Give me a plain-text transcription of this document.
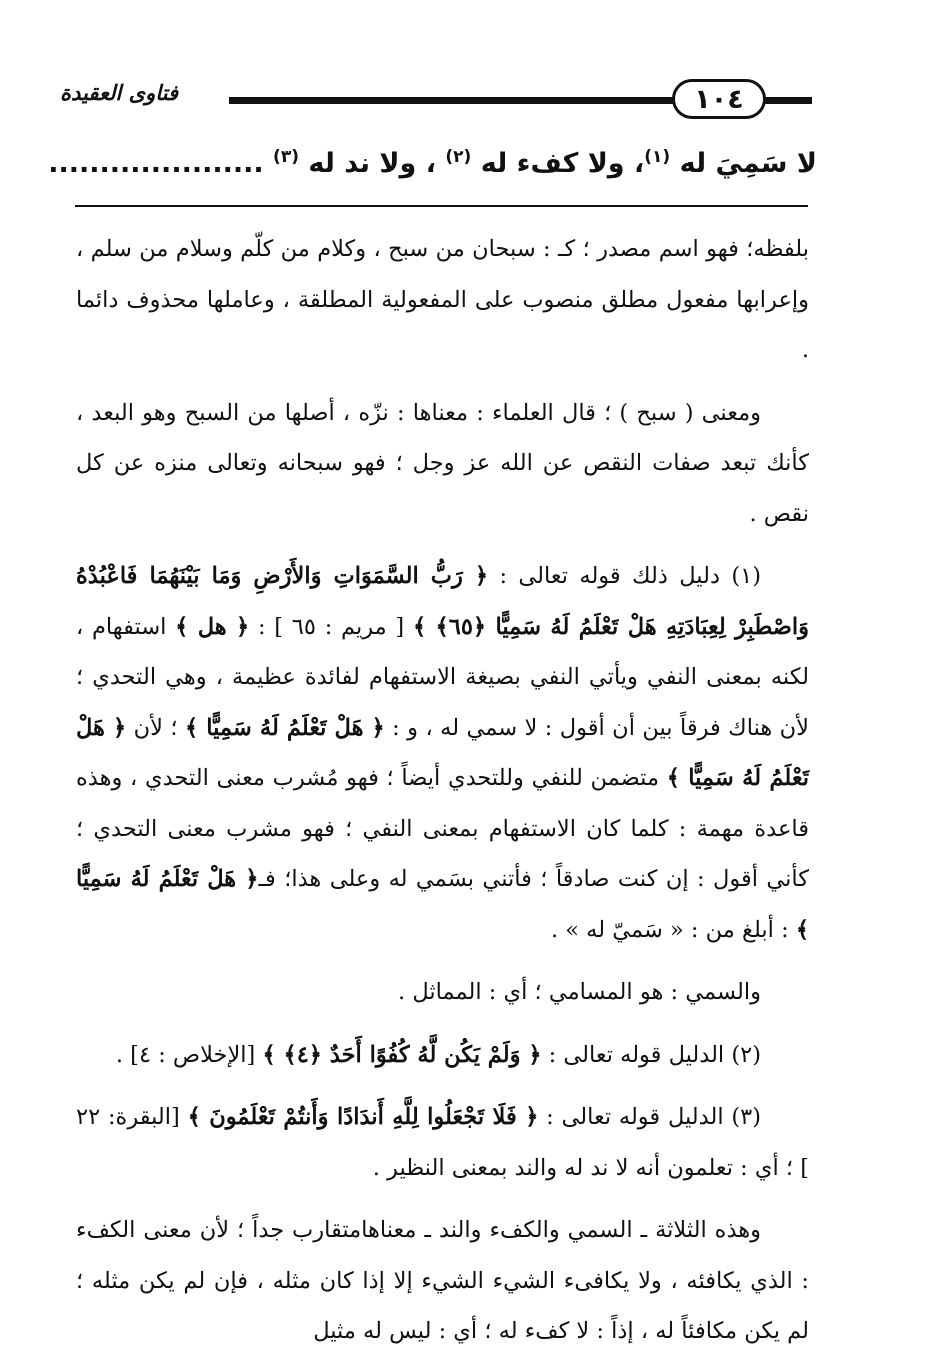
١٠٤
فتاوى العقيدة
لا سَمِيَ له $^{(١)}$، ولا كفء له $^{(٢)}$ ، ولا ند له $^{(٣)}$ .....................

بلفظه؛ فهو اسم مصدر ؛ كـ : سبحان من سبح ، وكلام من كلّم وسلام من سلم ، وإعرابها مفعول مطلق منصوب على المفعولية المطلقة ، وعاملها محذوف دائما .

ومعنى ( سبح ) ؛ قال العلماء : معناها : نزّه ، أصلها من السبح وهو البعد ، كأنك تبعد صفات النقص عن الله عز وجل ؛ فهو سبحانه وتعالى منزه عن كل نقص .

(١) دليل ذلك قوله تعالى : ﴿ رَبُّ السَّمَوَاتِ وَالأَرْضِ وَمَا بَيْنَهُمَا فَاعْبُدْهُ وَاصْطَبِرْ لِعِبَادَتِهِ هَلْ تَعْلَمُ لَهُ سَمِيًّا ﴿٦٥﴾ ﴾ [ مريم : ٦٥ ] : ﴿ هل ﴾ استفهام ، لكنه بمعنى النفي ويأتي النفي بصيغة الاستفهام لفائدة عظيمة ، وهي التحدي ؛ لأن هناك فرقاً بين أن أقول : لا سمي له ، و : ﴿ هَلْ تَعْلَمُ لَهُ سَمِيًّا ﴾ ؛ لأن ﴿ هَلْ تَعْلَمُ لَهُ سَمِيًّا ﴾ متضمن للنفي وللتحدي أيضاً ؛ فهو مُشرب معنى التحدي ، وهذه قاعدة مهمة : كلما كان الاستفهام بمعنى النفي ؛ فهو مشرب معنى التحدي ؛ كأني أقول : إن كنت صادقاً ؛ فأتني بسَمي له وعلى هذا؛ فـ﴿ هَلْ تَعْلَمُ لَهُ سَمِيًّا ﴾ : أبلغ من : « سَميّ له » .

والسمي : هو المسامي ؛ أي : المماثل .

(٢) الدليل قوله تعالى : ﴿ وَلَمْ يَكُن لَّهُ كُفُوًا أَحَدٌ ﴿٤﴾ ﴾ [الإخلاص : ٤] .

(٣) الدليل قوله تعالى : ﴿ فَلَا تَجْعَلُوا لِلَّهِ أَندَادًا وَأَنتُمْ تَعْلَمُونَ ﴾ [البقرة: ٢٢ ] ؛ أي : تعلمون أنه لا ند له والند بمعنى النظير .

وهذه الثلاثة ـ السمي والكفء والند ـ معناهامتقارب جداً ؛ لأن معنى الكفء : الذي يكافئه ، ولا يكافىء الشيء الشيء إلا إذا كان مثله ، فإن لم يكن مثله ؛ لم يكن مكافئاً له ، إذاً : لا كفء له ؛ أي : ليس له مثيل
